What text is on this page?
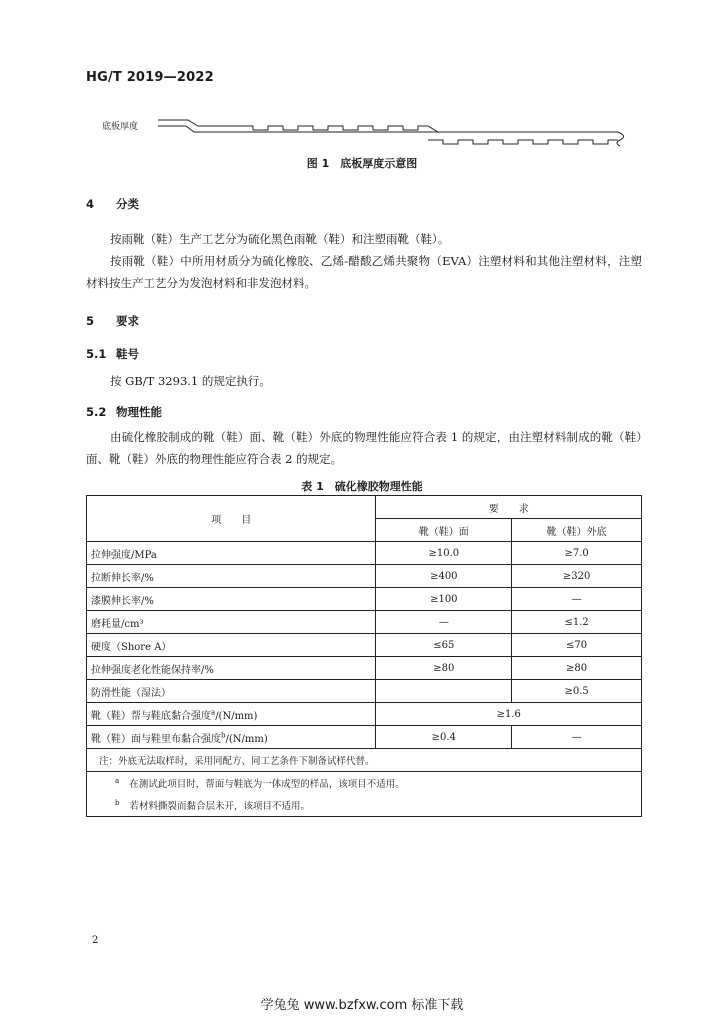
HG/T 2019—2022
底板厚度
图 1　底板厚度示意图
4 分类
按雨靴（鞋）生产工艺分为硫化黑色雨靴（鞋）和注塑雨靴（鞋）。
按雨靴（鞋）中所用材质分为硫化橡胶、乙烯-醋酸乙烯共聚物（EVA）注塑材料和其他注塑材料，注塑材料按生产工艺分为发泡材料和非发泡材料。
5 要求
5.1 鞋号
按 GB/T 3293.1 的规定执行。
5.2 物理性能
由硫化橡胶制成的靴（鞋）面、靴（鞋）外底的物理性能应符合表 1 的规定，由注塑材料制成的靴（鞋）面、靴（鞋）外底的物理性能应符合表 2 的规定。
表 1　硫化橡胶物理性能
项　　目	要　　求	
	靴（鞋）面	靴（鞋）外底
拉伸强度/MPa	≥10.0	≥7.0
拉断伸长率/%	≥400	≥320
漆膜伸长率/%	≥100	—
磨耗量/cm³	—	≤1.2
硬度（Shore A）	≤65	≤70
拉伸强度老化性能保持率/%	≥80	≥80
防滑性能（湿法）		≥0.5
靴（鞋）帮与鞋底黏合强度$^a$/(N/mm)	≥1.6	
靴（鞋）面与鞋里布黏合强度$^b$/(N/mm)	≥0.4	—
注：外底无法取样时，采用同配方、同工艺条件下制备试样代替。		
$^a$ 在测试此项目时，帮面与鞋底为一体成型的样品，该项目不适用。		
$^b$ 若材料撕裂而黏合层未开，该项目不适用。		
2
学兔兔 www.bzfxw.com 标准下载
